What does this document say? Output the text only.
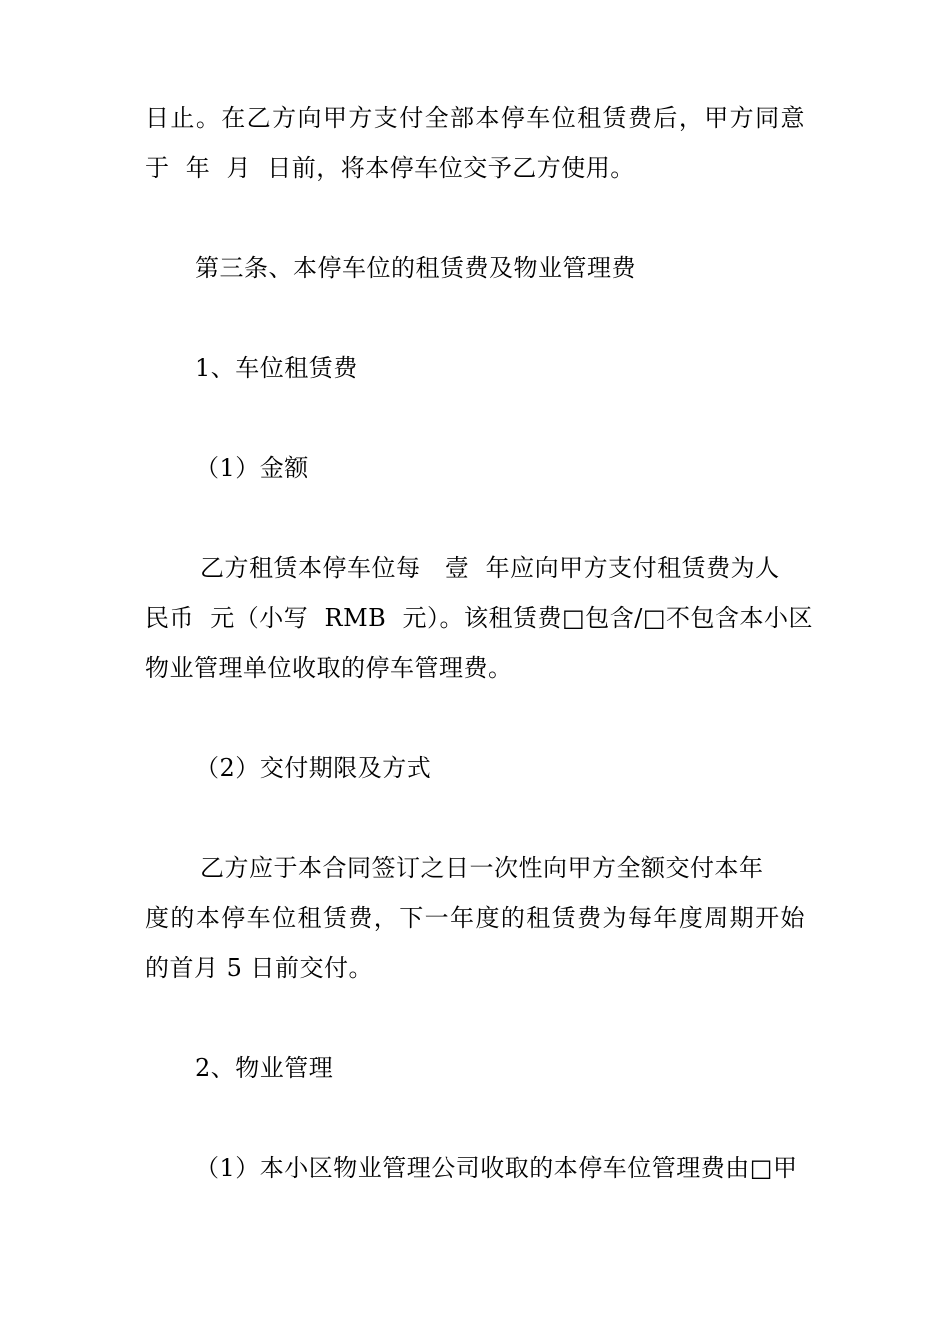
日止。在乙方向甲方支付全部本停车位租赁费后，甲方同意
于  年  月  日前，将本停车位交予乙方使用。
第三条、本停车位的租赁费及物业管理费
1、车位租赁费
（1）金额
乙方租赁本停车位每   壹  年应向甲方支付租赁费为人
民币  元（小写  RMB  元）。该租赁费□包含/□不包含本小区
物业管理单位收取的停车管理费。
（2）交付期限及方式
乙方应于本合同签订之日一次性向甲方全额交付本年
度的本停车位租赁费，下一年度的租赁费为每年度周期开始
的首月 5 日前交付。
2、物业管理
（1）本小区物业管理公司收取的本停车位管理费由□甲
